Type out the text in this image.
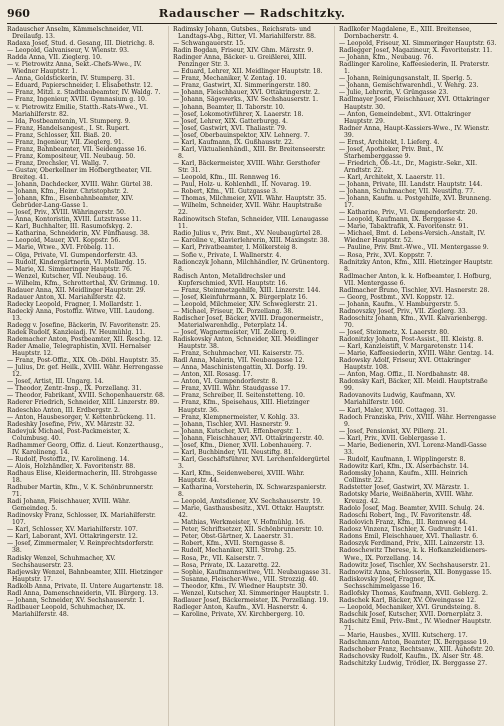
960	Radauscher — Radschitzky.

Radauscher Anselm, Kämmelschneider, VII. Dreilaufg. 13.

Radaxa Josef, Stud. d. Gesang, III. Dietrichg. 8.

— Leopold, Galvaniseur, V. Wienstr. 93.

Radda Anna, VII. Zieglerg. 10.

— v. Pietrowitz Anna, Sekt.-Chefs-Wwe., IV. Wiedner Hauptstr. 1.

— Anna, Goldstickerin, IV. Stumperg. 31.

— Eduard, Papierschneider, I. Elisabethstr. 12.

— Franz, Mitzl. z. Stadtbaubeamter, IV. Waldg. 7.

— Franz, Ingenieur, XVIII. Gymnasium g. 10.

— v. Pietrowitz Emilie, Statth.-Rats-Wwe., VI. Mariahilferstr. 82.

— Ida, Postbeamtenin, VI. Stumperg. 9.

— Franz, Handelsangest., I. St. Rupert.

— Franz, Schlosser, XII. Biaß. 20.

— Franz, Ingenieur, VII. Zieglerg. 91.

— Franz, Bahnbeamter, VII. Seidengasse 16.

— Franz, Kompositeur, VII. Neubaug. 50.

— Franz, Drechsler, VI. Wallg. 7.

— Gustav, Oberkellner im Hofbergtheater, VII. Breiteg. 41.

— Johann, Dachdecker, XVIII. Währ. Gürtel 38.

— Johann, Kfm., Heinr. Christophstr. 2.

— Johann, Kfm., Eisenbahnbeamter, XIV. Gebrüder-Lang-Gasse 1.

— Josef, Priv., XVIII. Währingerstr. 50.

— Anna, Kontoristin, XVIII. Lutzstrasse 11.

— Karl, Buchhalter, III. Rasumofskyg. 2.

— Katharina, Schneiderin, XV. Fünfhausg. 38.

— Leopold, Mauer, XVI. Koppstr. 56.

— Marie, Wtwe., XVI. Fröbelg. 11.

— Olga, Private, VI. Gumpendorferstr. 43.

— Rudolf, Kindergärtnerin, VI. Mollardg. 15.

— Marie, XI. Simmeringer Hauptstr. 76.

— Wenzel, Kutscher, VII. Neubaug. 16.

— Wilhelm, Kfm., Schrotterthal, XV. Grimmg. 10.

Radauer Anna, XII. Meidlinger Hauptstr. 29.

Radauer Anton, XI. Mariahilferstr. 42.

Radecky Leopold, Fragner, I. Mollardstr. 1.

Radecký Anna, Postoffiz. Witwe, VIII. Laudong. 13.

Radegg v. Josefine, Bäckerin, IV. Favoritenstr. 25.

Radek Rudolf, Kanzleiadj. IV. Heumühlg. 11.

Rademacher Anton, Postbeamter, XII. Reschg. 12.

Rader Amalie, Telegraphistin, XVII. Hernalser Hauptstr. 12.

— Franz, Post-Offiz., XIX. Ob.-Döbl. Hauptstr. 35.

— Julius, Dr. gef. Heilk., XVIII. Währ. Herrengasse 12.

— Josef, Artist, III. Ungarg. 14.

— Theodor, Zentr.-Insp., IX. Porzellang. 31.

— Theodor, Fabrikant, XVIII. Schopenhauerstr. 68.

Raderer Friedrich, Schneider, XIII. Linzerstr. 89.

Radeschko Anton, III. Erdbergstr. 2.

— Anton, Hausbesorger, V. Kettenbrückeng. 11.

Radeshky Josefine, Priv., XV. Märzstr. 32.

Radevjuk Michael, Post-Packmeister, X. Columbusg. 40.

Radhammer Georg, Offiz. d. Lieut. Konzerthausg., IV. Karolineng. 14.

— Rudolf, Postoffiz., IV. Karolineng. 14.

— Alois, Holzhändler, X. Favoritenstr. 88.

Radhaus Elise, Kleidermacherin, III. Strohgasse 18.

Radhuber Martin, Kfm., V. K. Schönbrunnerstr. 71.

Radi Johann, Fleischhauer, XVIII. Währ. Gemeindeg. 5.

Radinovsky Franz, Schlosser, IX. Mariahilferstr. 107.

— Karl, Schlosser, XV. Mariahilferstr. 107.

— Karl, Laborant, XVI. Ottakringerstr. 12.

— Josef, Zimmermaler, V. Reinprechtsdorferstr. 38.

Radisky Wenzel, Schuhmacher, XV. Sechshauserstr. 23.

Radjewsky Wenzel, Bahnbeamter, XIII. Hietzinger Hauptstr. 17.

Radkolb Anna, Private, II. Untere Augartenstr. 18.

Radl Anna, Damenschneiderin, VII. Bürgerg. 13.

— Johann, Schneider, XV. Sechshauserstr. 1.

Radlbauer Leopold, Schuhmacher, IX. Mariahilferstr. 48.

Radimsky Johann, Gutsbes., Reichsrats- und Landtags-Abg., Ritter, VI. Mariahilferstr. 88.

— Schwangauerstr. 15.

Radin Bogdan, Friseur, XIV. Ghm. Märzstr. 9.

Radinger Anna, Bäcker- u. Greißlerei, XIII. Penzinger Str. 3.

— Eduard, Lehrer, XII. Meidlinger Hauptstr. 18.

— Franz, Mechaniker, V. Zentag. 10.

— Franz, Gastwirt, XI. Simmeringerstr. 180.

— Johann, Fleischhauer, XVI. Ottakringerstr. 2.

— Johann, Sägewerks., XIV. Sechshauserstr. 1.

— Johann, Beamter, II. Taborstr. 10.

— Josef, Lokomotivführer, X. Laaerstr. 18.

— Josef, Lehrer, XIX. Gatterburgg. 4.

— Josef, Gastwirt, XVI. Thaliastr. 79.

— Josef, Oberbauinspektor, XIV. Lehnerg. 7.

— Karl, Kaufmann, IX. Gußhausstr. 22.

— Karl, Viktualienhändl., XIII. Br. Breitenseerstr. 8.

— Karl, Bäckermeister, XVIII. Währ. Gersthofer Str. 31.

— Leopold, Kfm., III. Rennweg 16.

— Paul, Holz- u. Kohlenhdl., II. Novarag. 19.

— Robert, Kfm., VII. Gutzgasse 3.

— Thomas, Milchmeier, XVII. Währ. Hauptstr. 35.

— Wilhelm, Schneider, XVII. Währ. Hauptstraße 22.

Radinowitsch Stefan, Schneider, VIII. Lenaugasse 11.

Radio Julius v., Priv. Bmt., XV. Neubaugürtel 28.

— Karoline v., Klavierlehrerin, XIII. Maxingstr. 38.

— Karl, Privatbeamter, I. Mölkersteig 8.

— Sofie v., Private, I. Wallnerstr. 4.

Radionczyk Johann, Milchhändler, IV. Grünentorg. 8.

Radisch Anton, Metalldrechsler und Kupferschmied, XVII. Hauptstr. 16.

— Franz, Steinmetzgehilfe, XIII. Linzerstr. 144.

— Josef, Kleinfuhrmann, X. Bürgerplatz 16.

— Leopold, Milchmeier, XIV. Schweglerstr. 21.

— Michael, Friseur, IX. Porzellang. 38.

Radischer Josef, Bäcker, XVIII. Dragonermeistr., Materialwarenhdlg., Peterplatz 14.

— Josef, Wagnermeister, VII. Zollerg. 9.

Radiskovsky Anton, Schneider, XII. Meidlinger Hauptstr. 38.

— Franz, Schuhmacher, VII. Kaiserstr. 75.

Radl Anna, Malerin, VII. Neubaugasse 12.

— Anna, Maschinistengattin, XI. Dorfg. 19.

— Anton, XII. Rosasg. 17.

— Anton, VI. Gumpendorferstr. 8.

— Franz, XVIII. Währ. Staudgasse 17.

— Franz, Schreiber, II. Seitenstetteng. 10.

— Franz, Kfm., Speisehaus, XIII. Hietzinger Hauptstr. 36.

— Franz, Klempnermeister, V. Kohlg. 33.

— Johann, Tischler, XVI. Hasnerstr. 9.

— Johann, Kutscher, XVI. Effenbergstr. 1.

— Johann, Fleischhauer, XVI. Ottakringerstr. 40.

— Josef, Kfm., Diener, XVII. Lobenhauerg. 7.

— Karl, Buchbinder, VII. Neustiftg. 81.

— Karl, Geschäftsführer, XVI. Lerchenfeldergürtel 3.

— Karl, Kfm., Seidenweberei, XVIII. Währ. Hauptstr. 44.

— Katharina, Vorsteherin, IX. Schwarzspanierstr. 8.

— Leopold, Amtsdiener, XV. Sechshauserstr. 19.

— Marie, Gasthausbesitz., XVI. Ottakr. Hauptstr. 42.

— Mathias, Werkmeister, V. Hofmühlg. 16.

— Peter, Schriftsetzer, XII. Schönbrunnerstr. 10.

— Peter, Obst-Gärtner, X. Laaerstr. 31.

— Robert, Kfm., XVII. Sterngasse 8.

— Rudolf, Mechaniker, XIII. Strohg. 25.

— Rosa, Pr., VII. Kaiserstr. 7.

— Rosa, Private, IX. Lazarettg. 22.

— Sophie, Kaufmannswitwe, VII. Neubaugasse 31.

— Susanne, Fleischer-Wwe., VIII. Strozzig. 40.

— Theodor, Kfm., IV. Wiedner Hauptstr. 30.

— Wenzel, Kutscher, XI. Simmeringer Hauptstr. 1.

Radlauer Josef, Bäckermeister, IX. Porzellang. 19.

Radleger Anton, Kaufm., XVI. Hasnerstr. 4.

— Karoline, Private, XV. Kirchbergerg. 10.

Radlkofer Magdalene, E., XIII. Breitensee, Dornbacherstr. 4.

— Leopold, Friseur, XI. Simmeringer Hauptstr. 63.

Radlegger Josef, Magazineur, X. Favoritenstr. 11.

— Johann, Kfm., Neubaug. 76.

Radlinger Karoline, Kaffeesiederin, II. Praterstr. 1.

— Johann, Reinigungsanstalt, II. Sperlg. 5.

— Johann, Gemischtwarenhdl., V. Wehrg. 23.

— Julie, Lehrerin, V. Grüngasse 23.

Radlmayer Josef, Fleischhauer, XVI. Ottakringer Hauptstr. 30.

— Anton, Gemeindebmt., XVI. Ottakringer Hauptstr. 29.

Radner Anna, Haupt-Kassiers-Wwe., IV. Wienstr. 39.

— Ernst, Architekt, I. Lieferg. 4.

— Josef, Apotheker, Priv. Bmt., IV. Starhemberggasse 9.

— Friedrich, Ob.-Lt., Dr., Magistr.-Sekr., XII. Arndtstr. 22.

— Karl, Architekt, X. Laaerstr. 11.

— Johann, Private, III. Landstr. Hauptstr. 144.

— Johann, Schuhmacher, VII. Neustiftg. 77.

— Johann, Kaufm. u. Postgehilfe, XVI. Brunneng. 17.

— Katharine, Priv., VI. Gumpendorferstr. 20.

— Leopold, Kaufmann, IX. Berggasse 4.

— Marie, Tabaktrafik, X. Favoritenstr. 91.

— Michael, Bmt. d. Lebens-Versich.-Anstalt, IV. Wiedner Hauptstr. 52.

— Pauline, Priv. Bmt.-Wwe., VII. Mentergasse 9.

— Rosa, Priv., XVI. Koppstr. 7.

Radnitzky Anton, Kfm., XIII. Hietzinger Hauptstr. 8.

Radlmacher Anton, k. k. Hofbeamter, I. Hofburg, VII. Mentergasse 6.

Radlmacher Bruno, Tischler, XVI. Hasnerstr. 28.

— Georg, Postbmt., XVI. Koppstr. 12.

— Johann, Kaufm., V. Hamburgerstr. 5.

Radnovszky Josef, Priv., VII. Zieglerg. 33.

Radoschitz Johann, Kfm., XVII. Kalvarienbergg. 70.

— Josef, Steinmetz, X. Laaerstr. 80.

Radonitzky Johann, Post-Assist., III. Kleistg. 8.

— Karl, Kanzleistift, V. Margaretenstr. 114.

— Marie, Kaffeesiederin, XVIII. Währ. Gentzg. 14.

Radowsky Adolf, Friseur, XVI. Ottakringer Hauptstr. 108.

— Anton, Mag. Offiz., II. Nordbahnstr. 48.

Radonsky Karl, Bäcker, XII. Meidl. Hauptstraße 99.

Radovanovits Ludwig, Kaufmann, XV. Mariahilferstr. 160.

— Karl, Maler, XVIII. Cottageg. 31.

Radoch Franziska, Priv., XVIII. Währ. Herrengasse 9.

— Josef, Pensionist, XV. Pillerg. 21.

— Karl, Priv., XVII. Geblergasse 1.

— Marie, Bedienerin, XVI. Lorenz-Mandl-Gasse 33.

— Rudolf, Kaufmann, I. Wipplingerstr. 8.

Radowitz Karl, Kfm., IX. Alserbachstr. 14.

Radomsky Johann, Kaufm., XIII. Heinrich Collinstr. 22.

Radstetter Josef, Gastwirt, XV. Märzstr. 1.

Radotsky Marie, Weißnäherin, XVIII. Währ. Kreuzg. 42.

Radolo Josef, Mag. Beamter, XVIII. Schulg. 24.

Radoschi Robert, Ing., IV. Favoritenstr. 48.

Radolovich Franz, Kfm., III. Rennweg 44.

Radosz Vinzenz, Tischler, X. Gudrunstr. 141.

Radons Emil, Fleischhauer, XVI. Thaliastr. 6.

Radoszyk Ferdinand, Priv., XIII. Lainzerstr. 13.

Radoschewitz Therese, k. k. Hofkanzleidieners-Wwe., IX. Porzellang. 14.

Radowitz Josef, Tischler, XV. Sechshauserstr. 21.

Radnowitz Anna, Schlosserin, XII. Bonygasse 15.

Radiskovsky Josef, Fragner, IX. Sechsschimmelgasse 16.

Radlofsky Thomas, Kaufmann, XVII. Geblerg. 2.

Radschek Karl, Bäcker, XV. Ölweingasse 12.

— Leopold, Mechaniker, XVI. Grundsteing. 8.

Radschik Josef, Kutscher, XVII. Dornerplatz 3.

Radschitz Emil, Priv.-Bmt., IV. Wiedner Hauptstr. 71.

— Marie, Hausbes., XVIII. Kutscherg. 17.

Radschmann Anton, Beamter, IX. Berggasse 19.

Radschober Franz, Rechtsanw., XIII. Auhofstr. 20.

Radschovsky Rudolf, Kaufm., IX. Alser Str. 48.

Radschitzky Ludwig, Trödler, IX. Berggasse 27.
